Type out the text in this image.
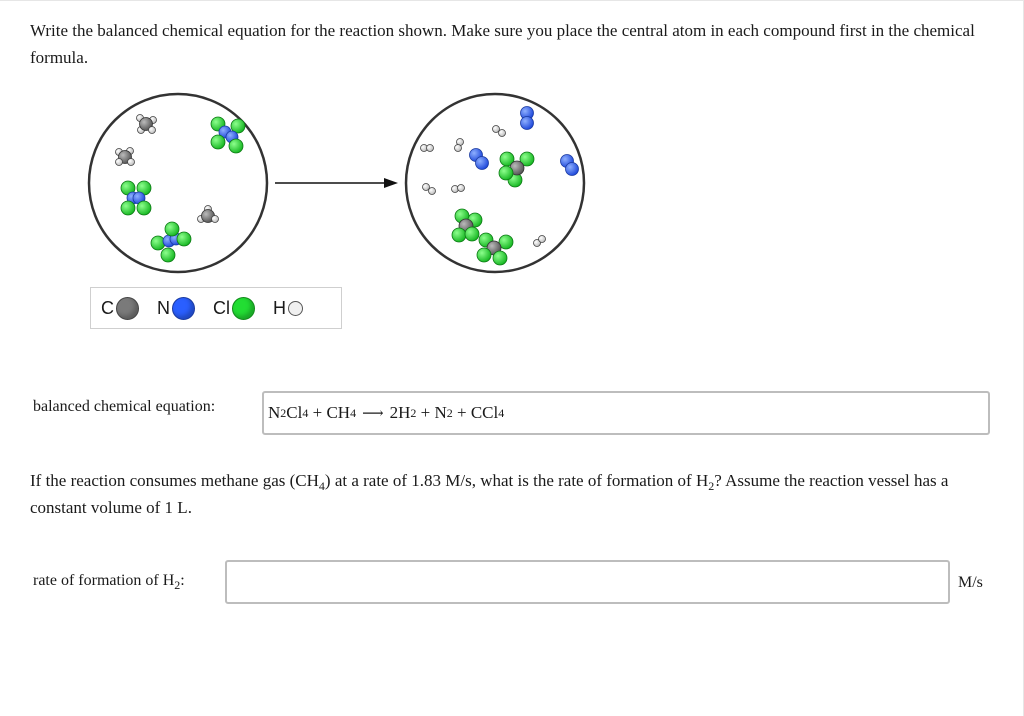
Write the balanced chemical equation for the reaction shown. Make sure you place the central atom in each compound first in the chemical formula.
C N Cl H
balanced chemical equation:	N 2 Cl 4 + CH 4 ⟶ 2H 2 + N 2 + CCl 4
If the reaction consumes methane gas $(CH_4)$ at a rate of 1.83 M/s, what is the rate of formation of $H_2$? Assume the reaction vessel has a constant volume of 1 L.
rate of formation of $H_2$:	M/s
